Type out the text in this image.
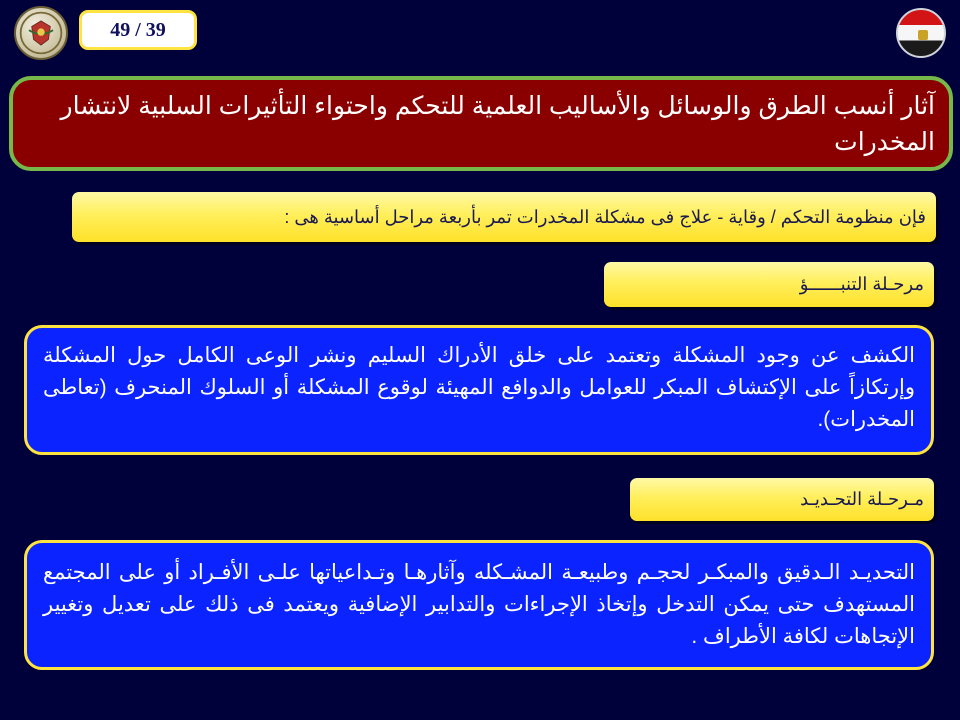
49 / 39
آثار أنسب الطرق والوسائل والأساليب العلمية للتحكم واحتواء التأثيرات السلبية لانتشار المخدرات
فإن منظومة التحكم / وقاية - علاج فى مشكلة المخدرات تمر بأربعة مراحل أساسية هى :
مرحـلة التنبــــــؤ
الكشف عن وجود المشكلة وتعتمد على خلق الأدراك السليم ونشر الوعى الكامل حول المشكلة وإرتكازاً على الإكتشاف المبكر للعوامل والدوافع المهيئة لوقوع المشكلة أو السلوك المنحرف (تعاطى المخدرات).
مـرحـلة التحـديـد
التحديـد الـدقيق والمبكـر لحجـم وطبيعـة المشـكله وآثارهـا وتـداعياتها علـى الأفـراد أو على المجتمع المستهدف حتى يمكن التدخل وإتخاذ الإجراءات والتدابير الإضافية ويعتمد فى ذلك على تعديل وتغيير الإتجاهات لكافة الأطراف .
